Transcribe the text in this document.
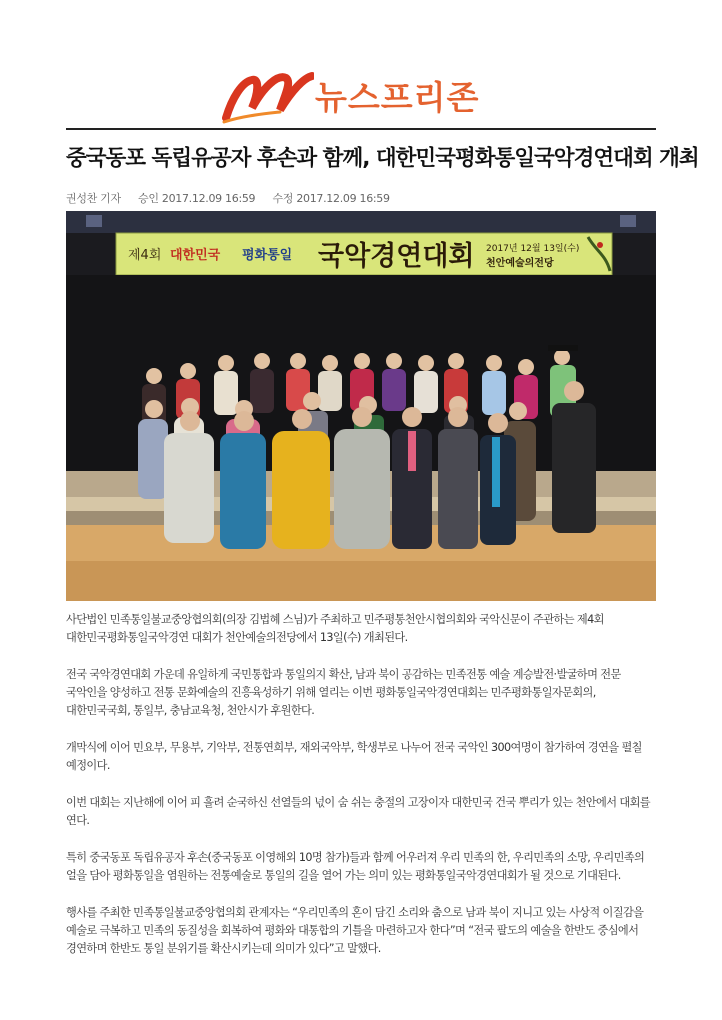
뉴스프리존
중국동포 독립유공자 후손과 함께, 대한민국평화통일국악경연대회 개최
권성찬 기자 승인 2017.12.09 16:59 수정 2017.12.09 16:59
제4회 대한민국 평화통일 국악경연대회 2017년 12월 13일(수)
천안예술의전당

사단법인 민족통일불교중앙협의회(의장 김법혜 스님)가 주최하고 민주평통천안시협의회와 국악신문이 주관하는 제4회 대한민국평화통일국악경연 대회가 천안예술의전당에서 13일(수) 개최된다.

전국 국악경연대회 가운데 유일하게 국민통합과 통일의지 확산, 남과 북이 공감하는 민족전통 예술 계승발전·발굴하며 전문 국악인을 양성하고 전통 문화예술의 진흥육성하기 위해 열리는 이번 평화통일국악경연대회는 민주평화통일자문회의, 대한민국국회, 통일부, 충남교육청, 천안시가 후원한다.

개막식에 이어 민요부, 무용부, 기악부, 전통연희부, 재외국악부, 학생부로 나누어 전국 국악인 300여명이 참가하여 경연을 펼칠 예정이다.

이번 대회는 지난해에 이어 피 흘려 순국하신 선열들의 넋이 숨 쉬는 충절의 고장이자 대한민국 건국 뿌리가 있는 천안에서 대회를 연다.

특히 중국동포 독립유공자 후손(중국동포 이영해외 10명 참가)들과 함께 어우러져 우리 민족의 한, 우리민족의 소망, 우리민족의 얼을 담아 평화통일을 염원하는 전통예술로 통일의 길을 열어 가는 의미 있는 평화통일국악경연대회가 될 것으로 기대된다.

행사를 주최한 민족통일불교중앙협의회 관계자는 “우리민족의 혼이 담긴 소리와 춤으로 남과 북이 지니고 있는 사상적 이질감을 예술로 극복하고 민족의 동질성을 회복하여 평화와 대통합의 기틀을 마련하고자 한다”며 “전국 팔도의 예술을 한반도 중심에서 경연하며 한반도 통일 분위기를 확산시키는데 의미가 있다”고 말했다.
